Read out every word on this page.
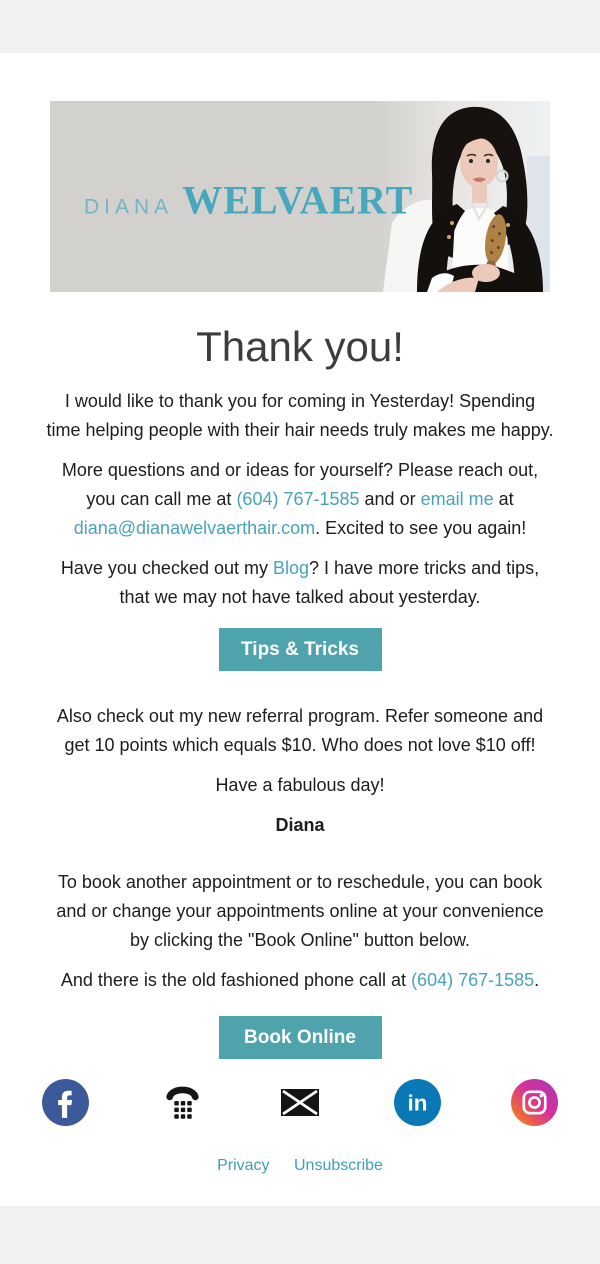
DIANA WELVAERT
Thank you!

I would like to thank you for coming in Yesterday! Spending
time helping people with their hair needs truly makes me happy.

More questions and or ideas for yourself? Please reach out,
you can call me at (604) 767-1585 and or email me at
diana@dianawelvaerthair.com. Excited to see you again!

Have you checked out my Blog? I have more tricks and tips,
that we may not have talked about yesterday.

Tips & Tricks

Also check out my new referral program. Refer someone and
get 10 points which equals $10. Who does not love $10 off!

Have a fabulous day!

Diana

To book another appointment or to reschedule, you can book
and or change your appointments online at your convenience
by clicking the "Book Online" button below.

And there is the old fashioned phone call at (604) 767-1585.

Book Online
in
Privacy Unsubscribe
